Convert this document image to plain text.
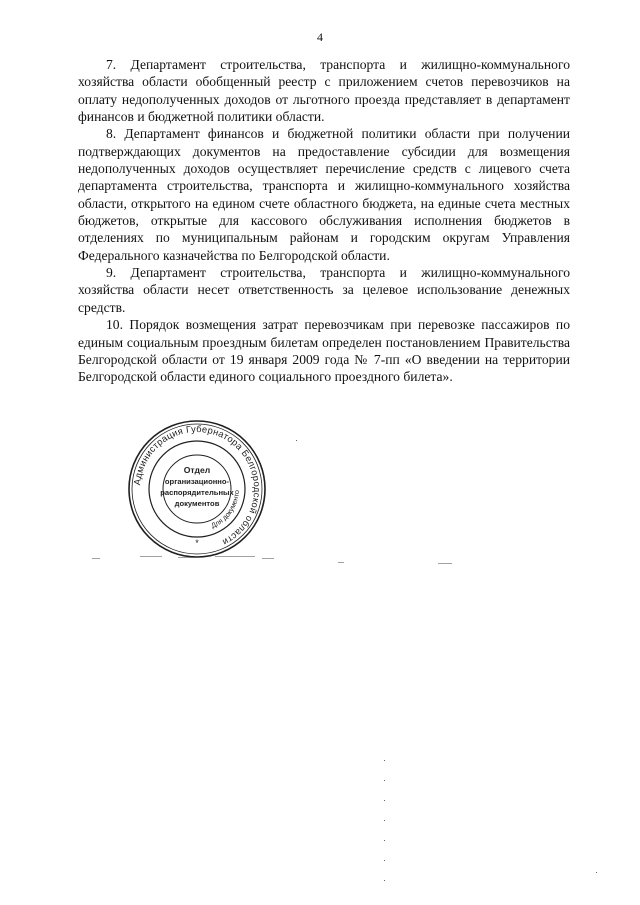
4

7. Департамент строительства, транспорта и жилищно-коммунального хозяйства области обобщенный реестр с приложением счетов перевозчиков на оплату недополученных доходов от льготного проезда представляет в департамент финансов и бюджетной политики области.

8. Департамент финансов и бюджетной политики области при получении подтверждающих документов на предоставление субсидии для возмещения недополученных доходов осуществляет перечисление средств с лицевого счета департамента строительства, транспорта и жилищно-коммунального хозяйства области, открытого на едином счете областного бюджета, на единые счета местных бюджетов, открытые для кассового обслуживания исполнения бюджетов в отделениях по муниципальным районам и городским округам Управления Федерального казначейства по Белгородской области.

9. Департамент строительства, транспорта и жилищно-коммунального хозяйства области несет ответственность за целевое использование денежных средств.

10. Порядок возмещения затрат перевозчикам при перевозке пассажиров по единым социальным проездным билетам определен постановлением Правительства Белгородской области от 19 января 2009 года № 7-пп «О введении на территории Белгородской области единого социального проездного билета».

Администрация Губернатора Белгородской области
Для документо
Отдел
организационно-
распорядительных
документов
*
